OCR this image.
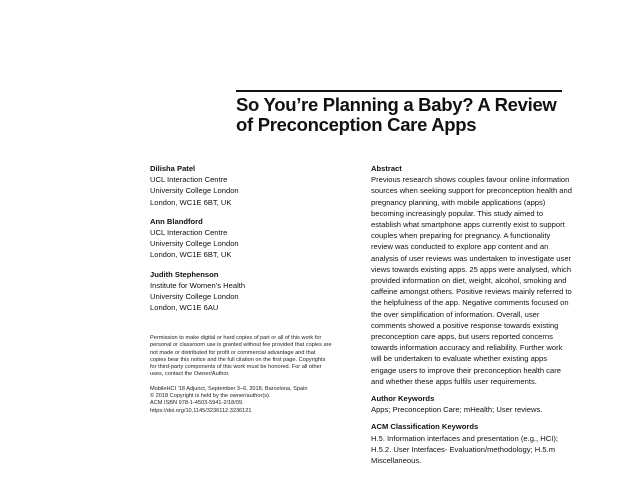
So You’re Planning a Baby? A Review
of Preconception Care Apps
Dilisha Patel
UCL Interaction Centre
University College London
London, WC1E 6BT, UK
Ann Blandford
UCL Interaction Centre
University College London
London, WC1E 6BT, UK
Judith Stephenson
Institute for Women’s Health
University College London
London, WC1E 6AU
Permission to make digital or hard copies of part or all of this work for
personal or classroom use is granted without fee provided that copies are
not made or distributed for profit or commercial advantage and that
copies bear this notice and the full citation on the first page. Copyrights
for third-party components of this work must be honored. For all other
uses, contact the Owner/Author.
MobileHCI '18 Adjunct, September 3–6, 2018, Barcelona, Spain
© 2018 Copyright is held by the owner/author(s).
ACM ISBN 978-1-4503-5941-2/18/09.
https://doi.org/10.1145/3236112.3236121
Abstract
Previous research shows couples favour online information
sources when seeking support for preconception health and
pregnancy planning, with mobile applications (apps)
becoming increasingly popular. This study aimed to
establish what smartphone apps currently exist to support
couples when preparing for pregnancy. A functionality
review was conducted to explore app content and an
analysis of user reviews was undertaken to investigate user
views towards existing apps. 25 apps were analysed, which
provided information on diet, weight, alcohol, smoking and
caffeine amongst others. Positive reviews mainly referred to
the helpfulness of the app. Negative comments focused on
the over simplification of information. Overall, user
comments showed a positive response towards existing
preconception care apps, but users reported concerns
towards information accuracy and reliability. Further work
will be undertaken to evaluate whether existing apps
engage users to improve their preconception health care
and whether these apps fulfils user requirements.
Author Keywords
Apps; Preconception Care; mHealth; User reviews.
ACM Classification Keywords
H.5. Information interfaces and presentation (e.g., HCI);
H.5.2. User Interfaces- Evaluation/methodology; H.5.m
Miscellaneous.
